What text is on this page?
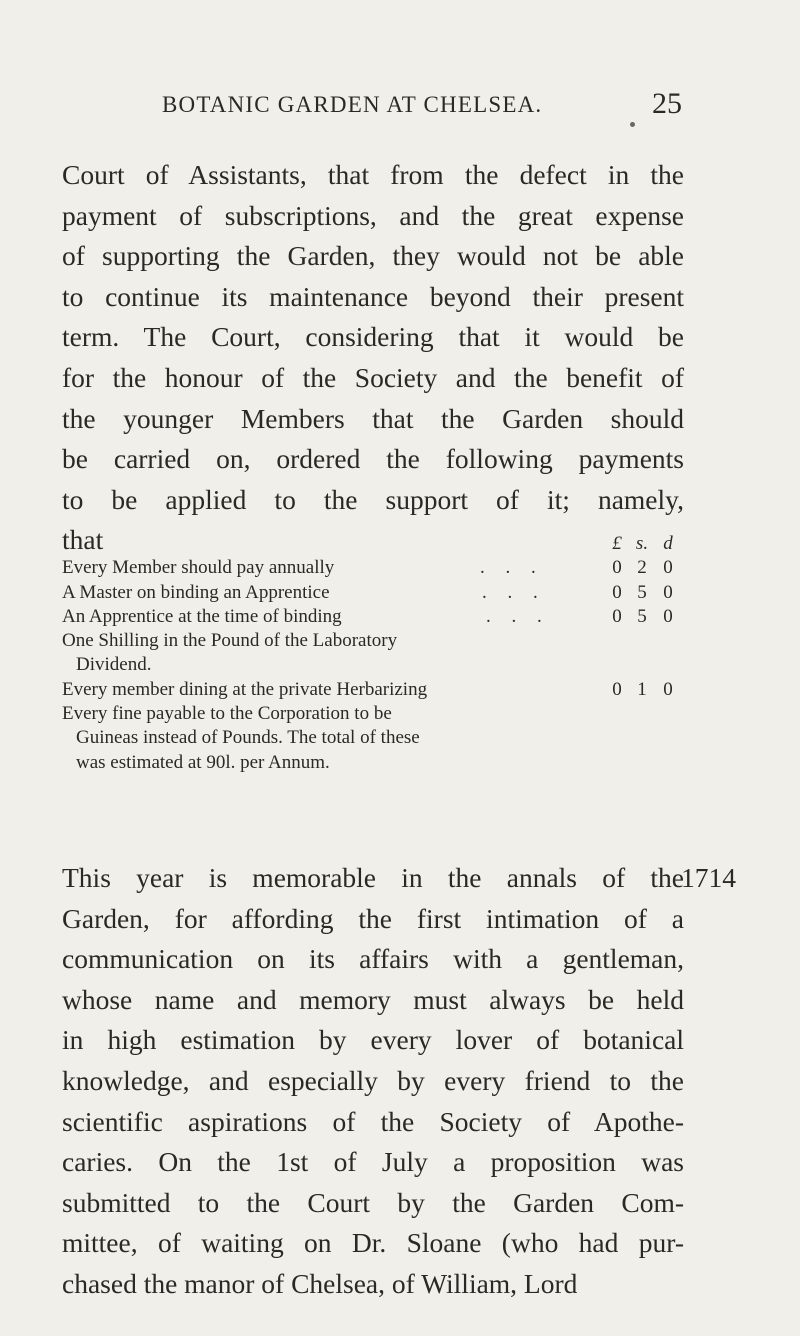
BOTANIC GARDEN AT CHELSEA.	25
Court of Assistants, that from the defect in the
payment of subscriptions, and the great expense
of supporting the Garden, they would not be able
to continue its maintenance beyond their present
term. The Court, considering that it would be
for the honour of the Society and the benefit of
the younger Members that the Garden should
be carried on, ordered the following payments
to be applied to the support of it; namely,
that	£ s. d
Every Member should pay annually	. . .	0 2 0
A Master on binding an Apprentice	. . .	0 5 0
An Apprentice at the time of binding	. . .	0 5 0
One Shilling in the Pound of the Laboratory
Dividend.
Every member dining at the private Herbarizing	0 1 0
Every fine payable to the Corporation to be
Guineas instead of Pounds. The total of these
was estimated at 90l. per Annum.
1714
This year is memorable in the annals of the
Garden, for affording the first intimation of a
communication on its affairs with a gentleman,
whose name and memory must always be held
in high estimation by every lover of botanical
knowledge, and especially by every friend to the
scientific aspirations of the Society of Apothe-
caries. On the 1st of July a proposition was
submitted to the Court by the Garden Com-
mittee, of waiting on Dr. Sloane (who had pur-
chased the manor of Chelsea, of William, Lord
